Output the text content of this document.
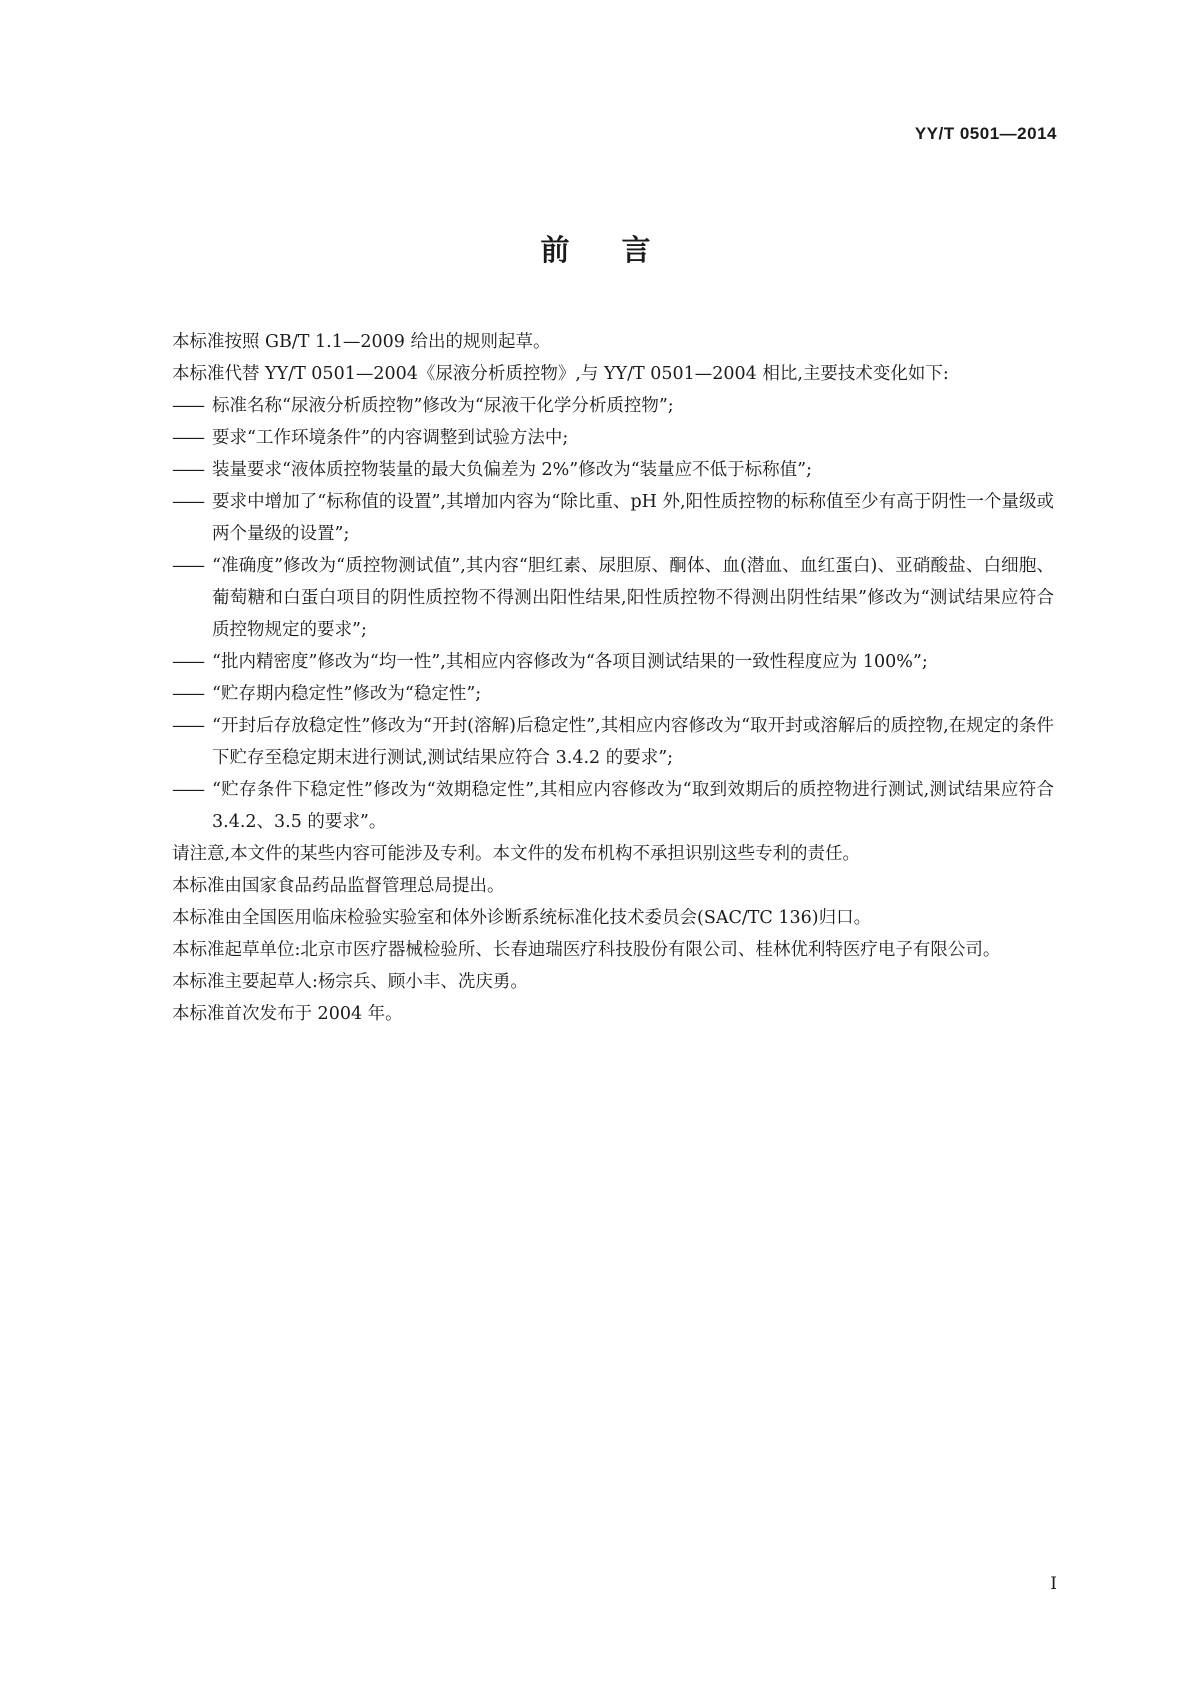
YY/T 0501—2014
前言

本标准按照 GB/T 1.1—2009 给出的规则起草。

本标准代替 YY/T 0501—2004《尿液分析质控物》,与 YY/T 0501—2004 相比,主要技术变化如下:

—— 标准名称“尿液分析质控物”修改为“尿液干化学分析质控物”;
—— 要求“工作环境条件”的内容调整到试验方法中;
—— 装量要求“液体质控物装量的最大负偏差为 2%”修改为“装量应不低于标称值”;
—— 要求中增加了“标称值的设置”,其增加内容为“除比重、pH 外,阳性质控物的标称值至少有高于阴性一个量级或两个量级的设置”;
—— “准确度”修改为“质控物测试值”,其内容“胆红素、尿胆原、酮体、血(潜血、血红蛋白)、亚硝酸盐、白细胞、葡萄糖和白蛋白项目的阴性质控物不得测出阳性结果,阳性质控物不得测出阴性结果”修改为“测试结果应符合质控物规定的要求”;
—— “批内精密度”修改为“均一性”,其相应内容修改为“各项目测试结果的一致性程度应为 100%”;
—— “贮存期内稳定性”修改为“稳定性”;
—— “开封后存放稳定性”修改为“开封(溶解)后稳定性”,其相应内容修改为“取开封或溶解后的质控物,在规定的条件下贮存至稳定期末进行测试,测试结果应符合 3.4.2 的要求”;
—— “贮存条件下稳定性”修改为“效期稳定性”,其相应内容修改为“取到效期后的质控物进行测试,测试结果应符合 3.4.2、3.5 的要求”。

请注意,本文件的某些内容可能涉及专利。本文件的发布机构不承担识别这些专利的责任。

本标准由国家食品药品监督管理总局提出。

本标准由全国医用临床检验实验室和体外诊断系统标准化技术委员会(SAC/TC 136)归口。

本标准起草单位:北京市医疗器械检验所、长春迪瑞医疗科技股份有限公司、桂林优利特医疗电子有限公司。

本标准主要起草人:杨宗兵、顾小丰、冼庆勇。

本标准首次发布于 2004 年。

I
